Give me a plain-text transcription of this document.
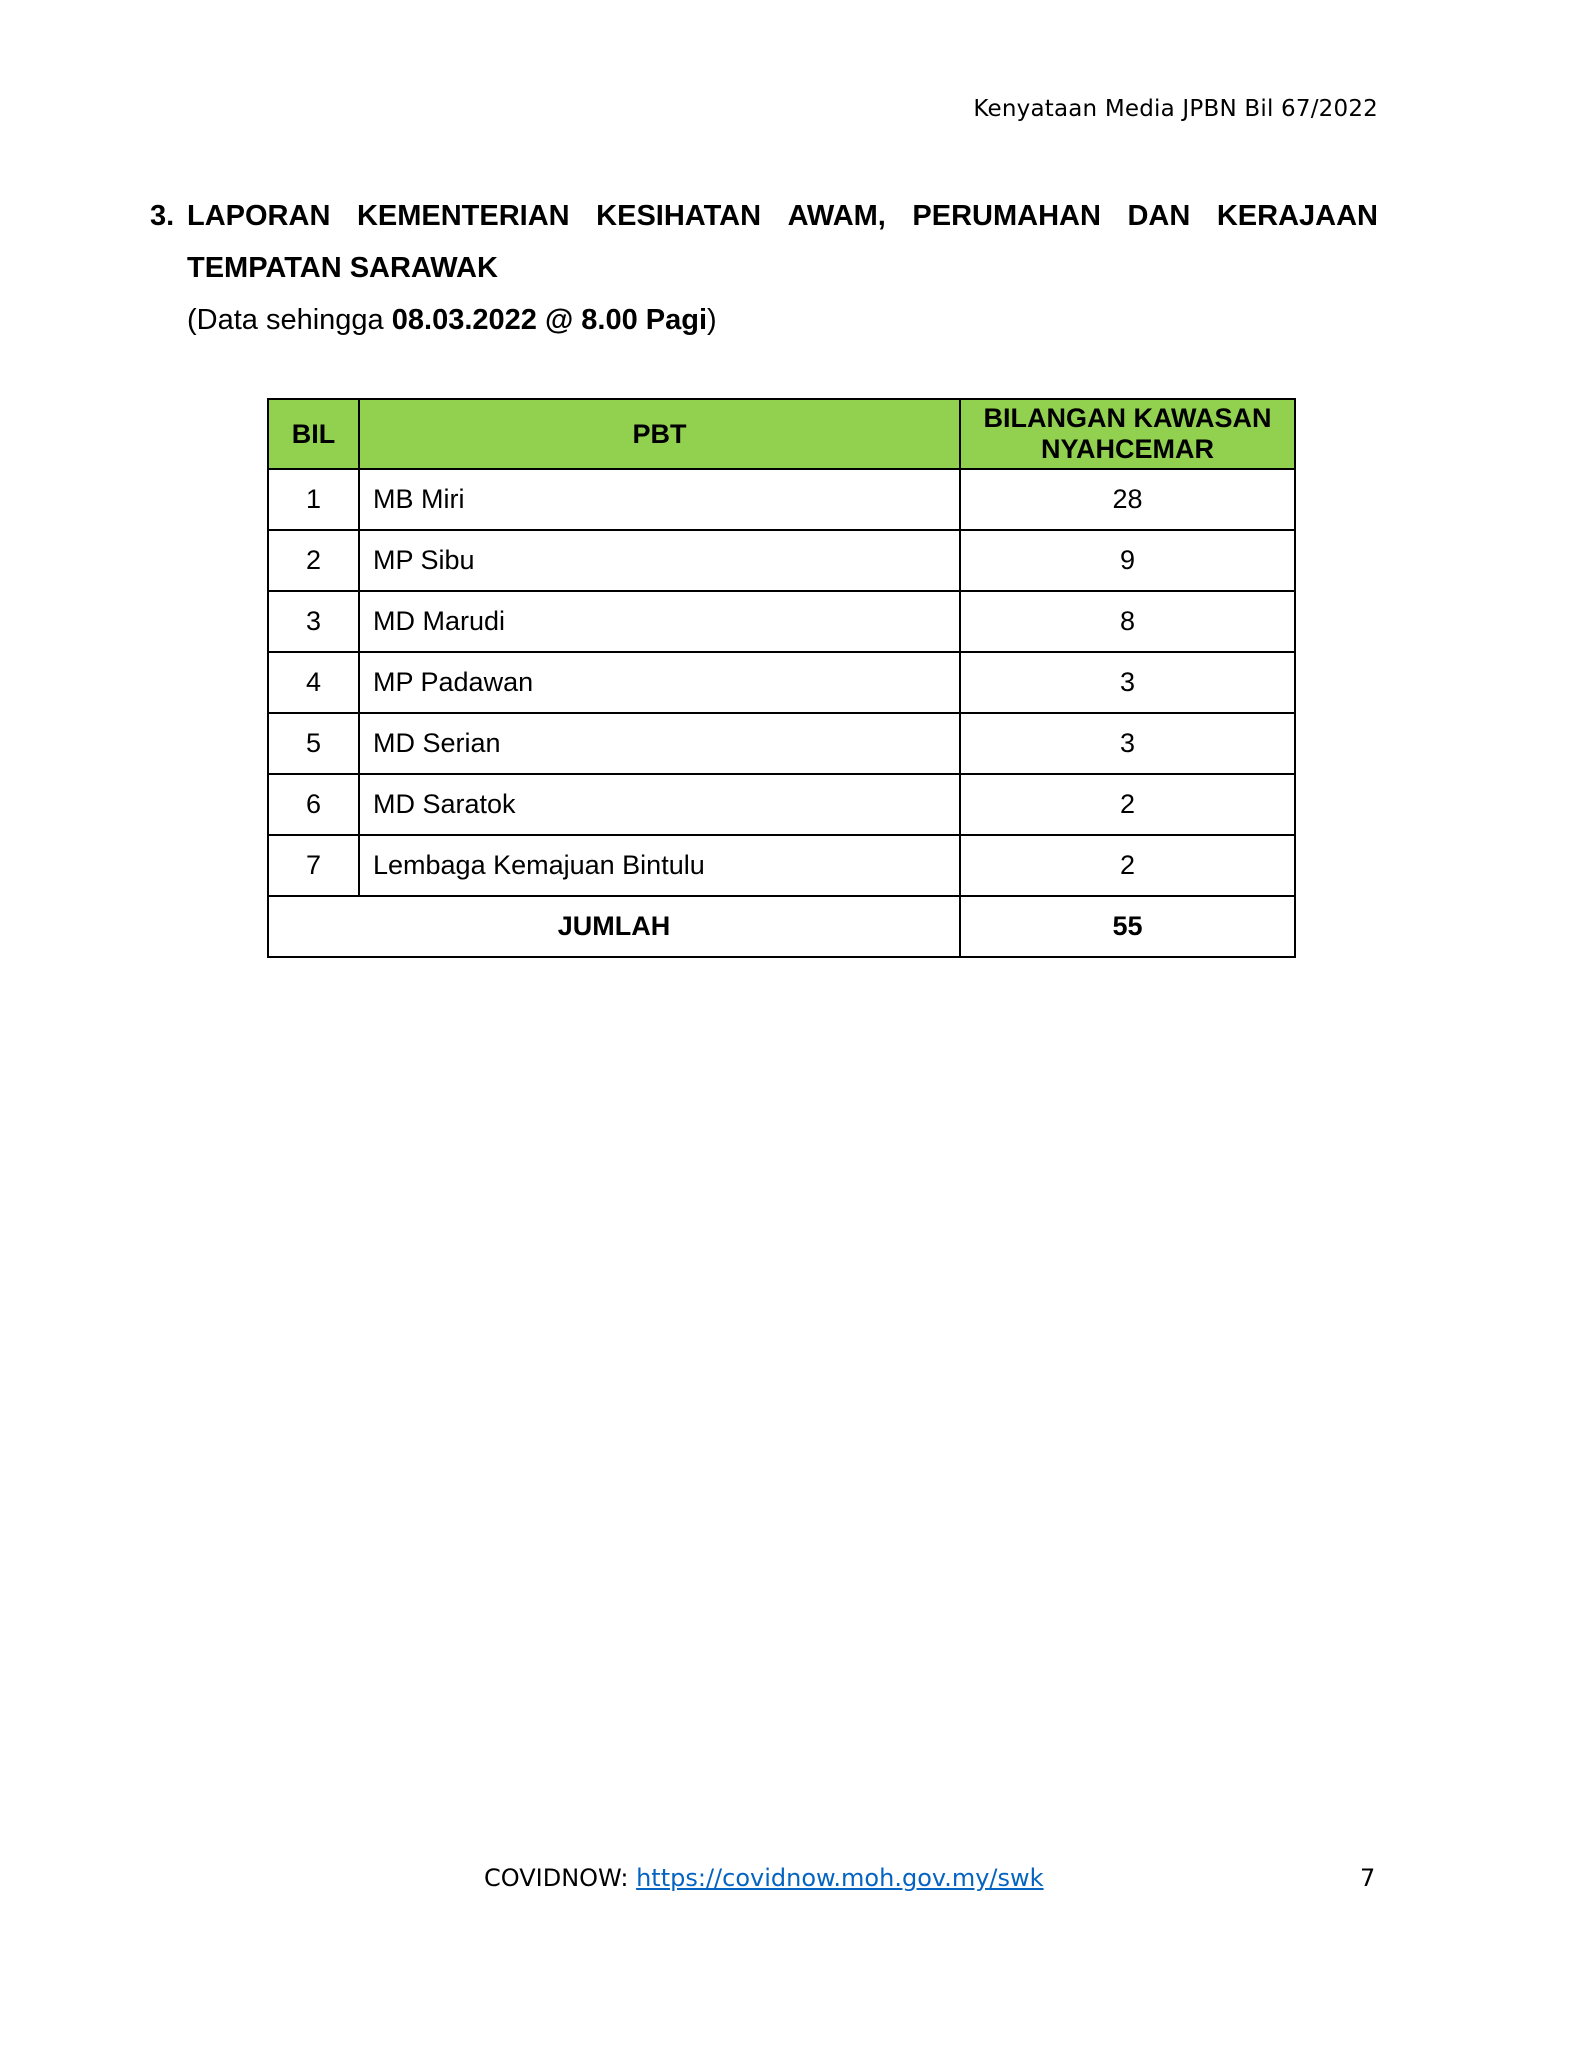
Kenyataan Media JPBN Bil 67/2022
3. LAPORAN KEMENTERIAN KESIHATAN AWAM, PERUMAHAN DAN KERAJAAN
TEMPATAN SARAWAK
(Data sehingga 08.03.2022 @ 8.00 Pagi)
BIL	PBT	BILANGAN KAWASAN NYAHCEMAR
1	MB Miri	28
2	MP Sibu	9
3	MD Marudi	8
4	MP Padawan	3
5	MD Serian	3
6	MD Saratok	2
7	Lembaga Kemajuan Bintulu	2
JUMLAH		55
COVIDNOW: https://covidnow.moh.gov.my/swk	7
